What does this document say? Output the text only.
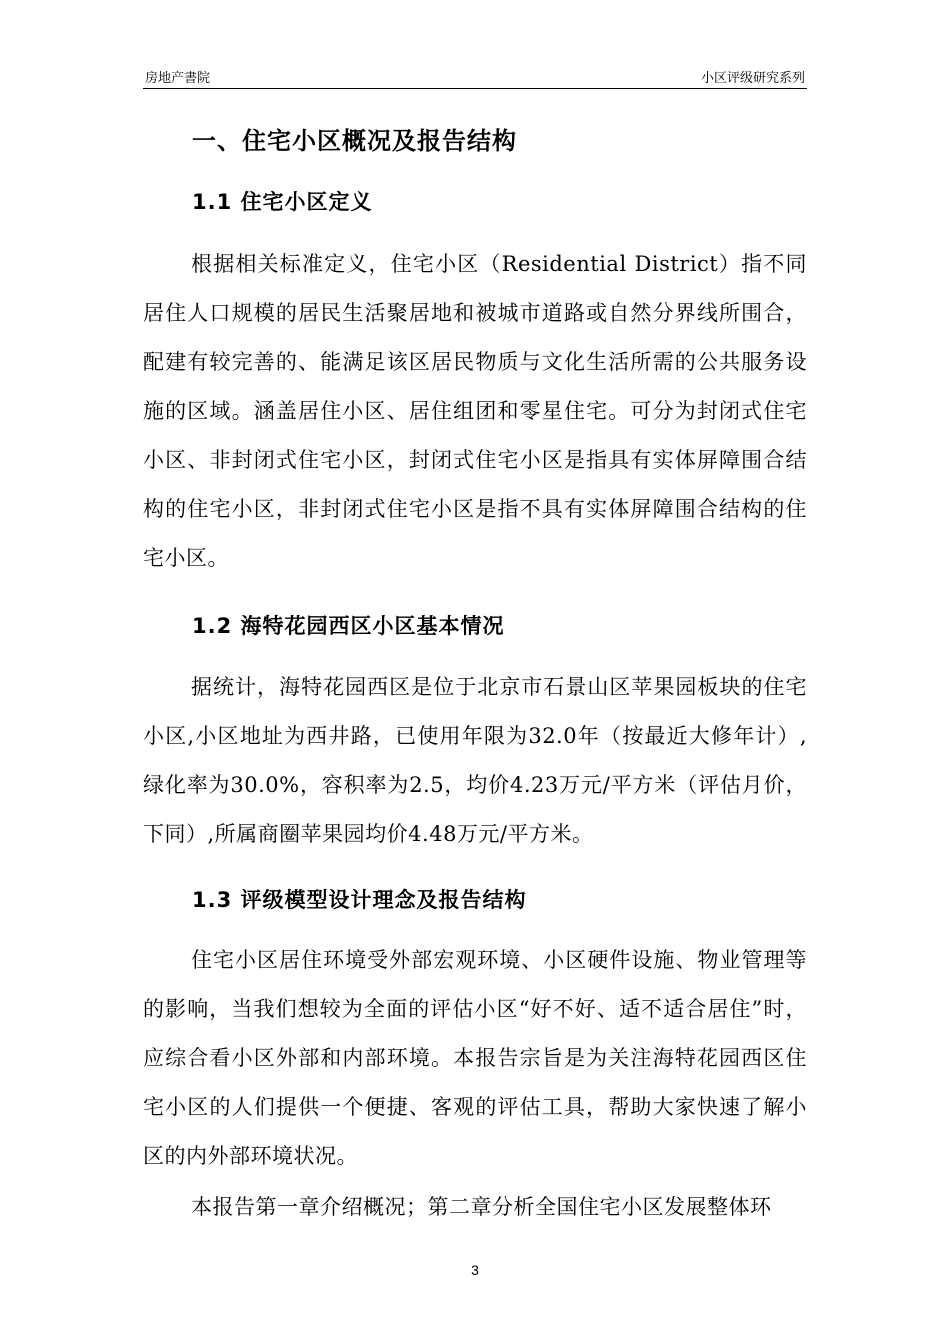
房地产書院	小区评级研究系列
一、住宅小区概况及报告结构
1.1 住宅小区定义
根据相关标准定义，住宅小区（Residential District）指不同居住人口规模的居民生活聚居地和被城市道路或自然分界线所围合，配建有较完善的、能满足该区居民物质与文化生活所需的公共服务设施的区域。涵盖居住小区、居住组团和零星住宅。可分为封闭式住宅小区、非封闭式住宅小区，封闭式住宅小区是指具有实体屏障围合结构的住宅小区，非封闭式住宅小区是指不具有实体屏障围合结构的住宅小区。
1.2 海特花园西区小区基本情况
据统计，海特花园西区是位于北京市石景山区苹果园板块的住宅小区,小区地址为西井路，已使用年限为32.0年（按最近大修年计）,绿化率为30.0%，容积率为2.5，均价4.23万元/平方米（评估月价，下同）,所属商圈苹果园均价4.48万元/平方米。
1.3 评级模型设计理念及报告结构
住宅小区居住环境受外部宏观环境、小区硬件设施、物业管理等的影响，当我们想较为全面的评估小区“好不好、适不适合居住”时，应综合看小区外部和内部环境。本报告宗旨是为关注海特花园西区住宅小区的人们提供一个便捷、客观的评估工具，帮助大家快速了解小区的内外部环境状况。
本报告第一章介绍概况；第二章分析全国住宅小区发展整体环
3
